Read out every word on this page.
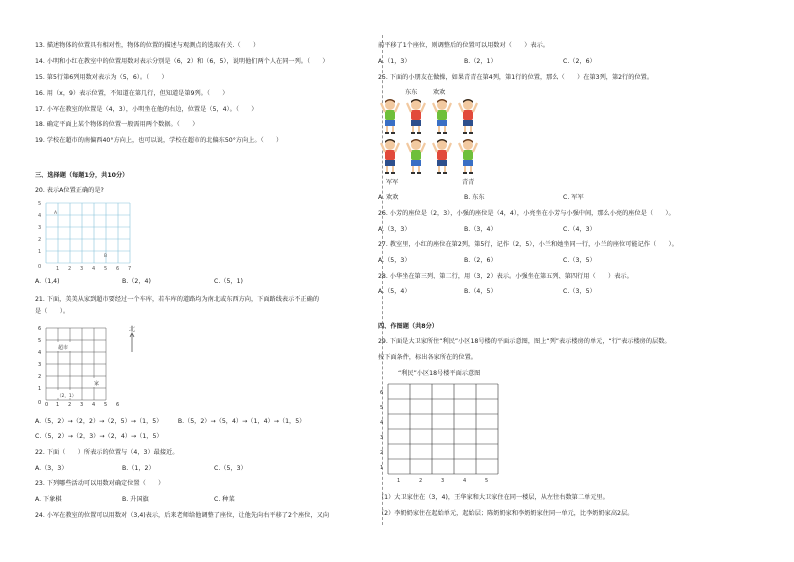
13. 描述物体的位置具有相对性，物体的位置的描述与观测点的选取有关.（　　）
14. 小明和小红在教室中的位置用数对表示分别是（6，2）和（6，5），说明他们两个人在同一列。（　　）
15. 第5行第6列用数对表示为（5，6）。（　　）
16. 用（x，9）表示位置，不知道在第几行，但知道是第9列。（　　）
17. 小军在教室的位置是（4，3），小明坐在他的右边，位置是（5，4）。（　　）
18. 确定平面上某个物体的位置一般需用两个数据。（　　）
19. 学校在超市的南偏西40°方向上，也可以说，学校在超市的北偏东50°方向上。（　　）
三、选择题（每题1分，共10分）
20. 表示A位置正确的是?
5
4
3
2
1
0	1 2 3 4 5 6 7
A
B
A.（1,4)	B.（2，4)	C.（5，1)
21. 下面，美美从家到超市要经过一个车库，若车库的道路均为南北或东西方向，下面路线表示不正确的
是（　　）。
6
5
4
3
2
1
0 0 1 2 3 4 5 6
超市
家
（2，1）
北
A.（5，2）→（2，2）→（2，5）→（1，5）　　　B.（5，2）→（5，4）→（1，4）→（1，5）
C.（5，2）→（2，3）→（2，4）→（1，5）
22. 下面（　　）所表示的位置与（4，3）最接近。
A.（3，3）	B.（1，2）	C.（5，3）
23. 下列哪些活动可以用数对确定位置（　　）
A. 下象棋	B. 升国旗	C. 种菜
24. 小军在教室的位置可以用数对（3,4)表示，后来老师给他调整了座位，让他先向右平移了2个座位，又向
前平移了1个座位，则调整后的位置可以用数对（　　）表示。
A.（1，3）	B.（2，1）	C.（2，6）
25. 下面的小朋友在做操，如果青青在第4列，第1行的位置，那么（　　）在第3列，第2行的位置。
东东	欢欢
军军	青青
A. 欢欢	B. 东东	C. 军军
26. 小芳的座位是（2，3），小强的座位是（4，4），小亮坐在小芳与小强中间，那么小亮的座位是（　　）。
A.（3，3）	B.（3，4）	C.（4，3）
27. 教室里，小红的座位在第2列，第5行，记作（2，5），小兰和她坐同一行，小兰的座位可能记作（　　）。
A.（5，3）	B.（2，6）	C.（3，5）
28. 小华坐在第三列、第二行，用（3，2）表示。小强坐在第五列、第四行用（　　）表示。
A.（5，4）	B.（4，5）	C.（3，5）
四、作图题（共8分）
29. 下面是大卫家所住“利民”小区18号楼的平面示意图，图上“列”表示楼房的单元，“行”表示楼房的层数。
按下面条件，标出各家所在的位置。
“利民”小区18号楼平面示意图
6
5
4
3
2
1
1	2	3	4	5
（1）大卫家住在（3，4)，王华家和大卫家住在同一楼层，从左往右数第二单元里。
（2）李奶奶家住在起始单元，起始层；陈奶奶家和李奶奶家住同一单元，比李奶奶家高2层。
